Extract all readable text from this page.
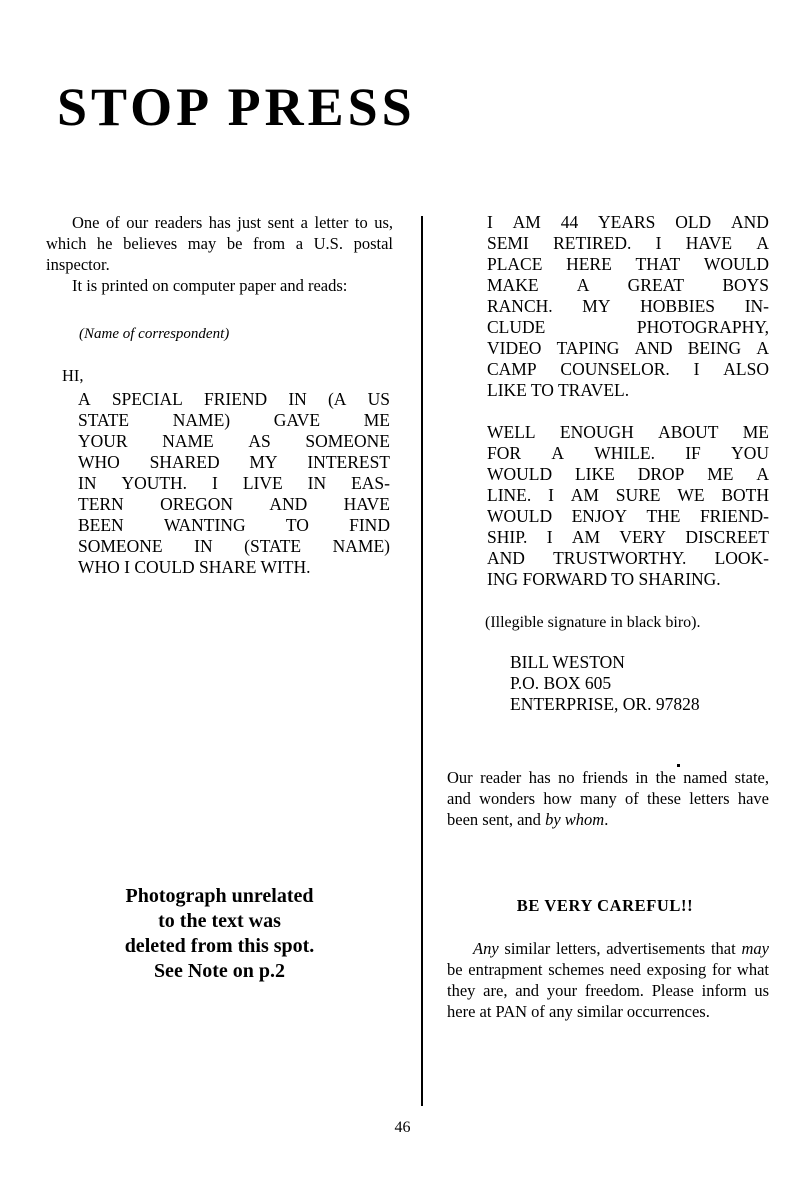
STOP PRESS

One of our readers has just sent a letter to us, which he believes may be from a U.S. postal inspector.

It is printed on computer paper and reads:

(Name of correspondent)
HI,
A SPECIAL FRIEND IN (A US
STATE NAME) GAVE ME
YOUR NAME AS SOMEONE
WHO SHARED MY INTEREST
IN YOUTH. I LIVE IN EAS-
TERN OREGON AND HAVE
BEEN WANTING TO FIND
SOMEONE IN (STATE NAME)
WHO I COULD SHARE WITH.
Photograph unrelated
to the text was
deleted from this spot.
See Note on p.2
I AM 44 YEARS OLD AND
SEMI RETIRED. I HAVE A
PLACE HERE THAT WOULD
MAKE A GREAT BOYS
RANCH. MY HOBBIES IN-
CLUDE	PHOTOGRAPHY,
VIDEO TAPING AND BEING A
CAMP COUNSELOR. I ALSO
LIKE TO TRAVEL.
WELL ENOUGH ABOUT ME
FOR A WHILE. IF YOU
WOULD LIKE DROP ME A
LINE. I AM SURE WE BOTH
WOULD ENJOY THE FRIEND-
SHIP. I AM VERY DISCREET
AND TRUSTWORTHY. LOOK-
ING FORWARD TO SHARING.
(Illegible signature in black biro).
BILL WESTON
P.O. BOX 605
ENTERPRISE, OR. 97828

Our reader has no friends in the named state, and wonders how many of these letters have been sent, and by whom.

BE VERY CAREFUL!!

Any similar letters, advertisements that may be entrapment schemes need exposing for what they are, and your freedom. Please inform us here at PAN of any similar occurrences.

46
